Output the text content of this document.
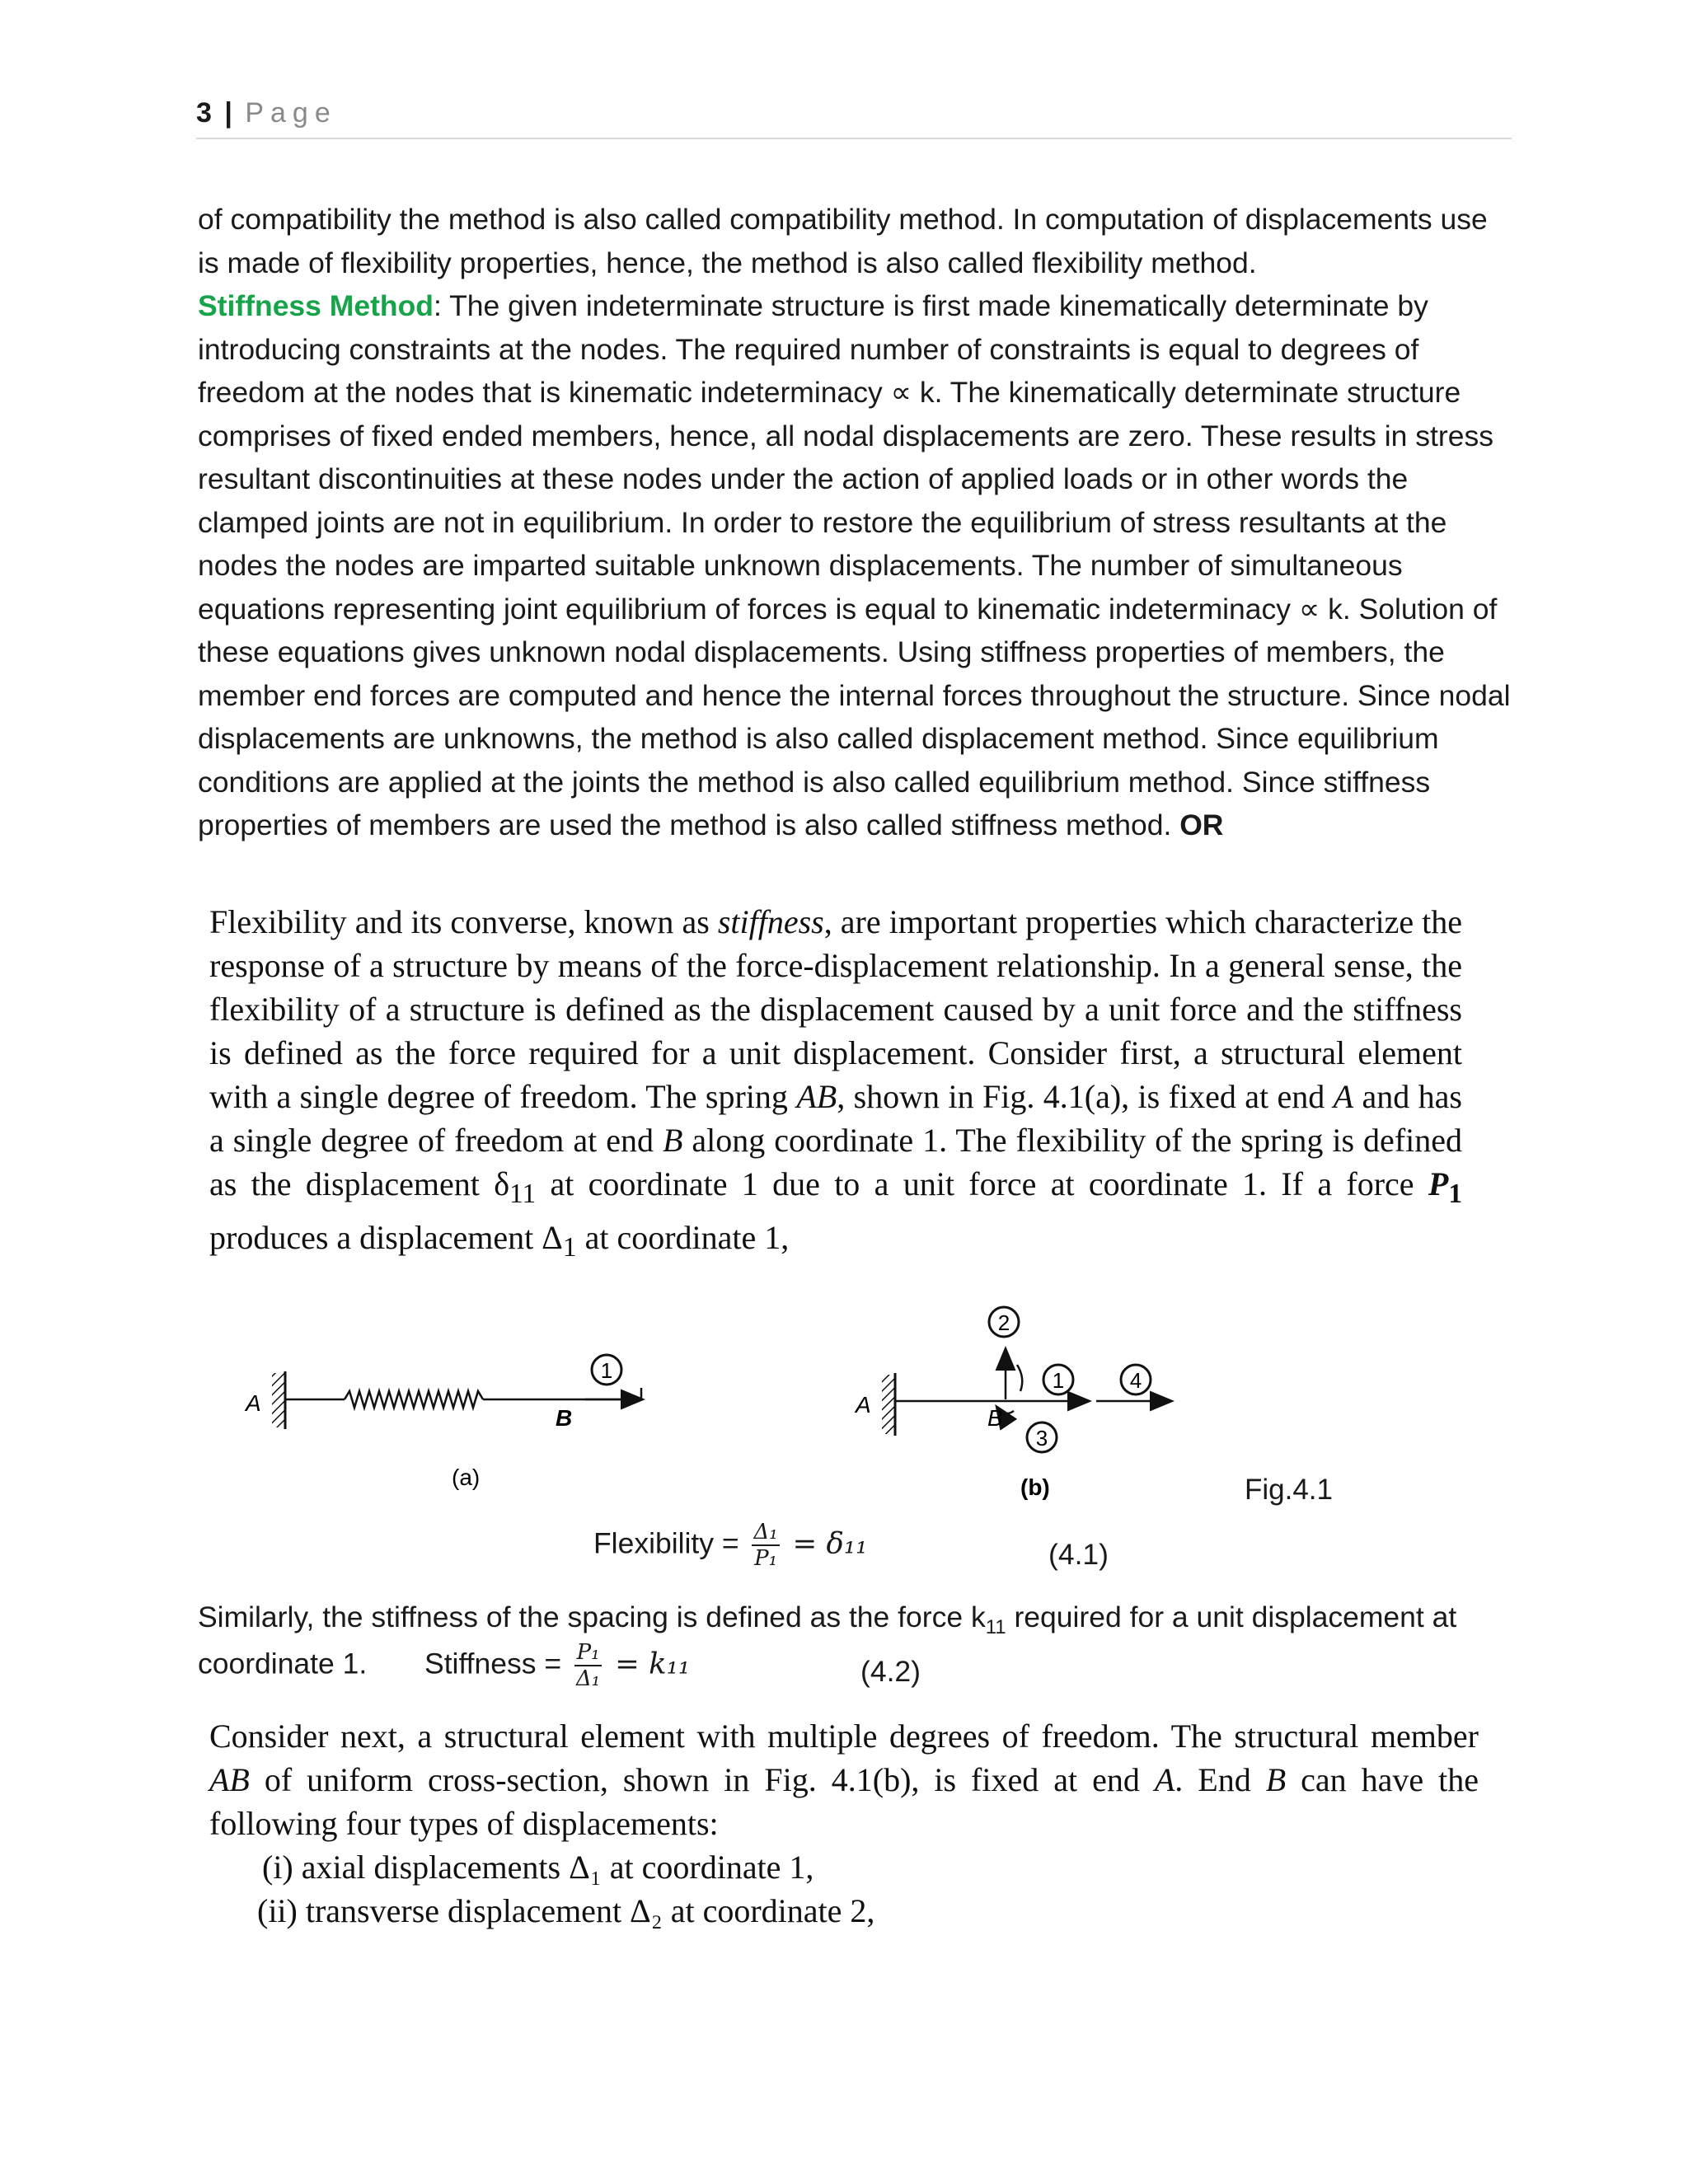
3 | Page

of compatibility the method is also called compatibility method. In computation of displacements use is made of flexibility properties, hence, the method is also called flexibility method.
Stiffness Method: The given indeterminate structure is first made kinematically determinate by introducing constraints at the nodes. The required number of constraints is equal to degrees of freedom at the nodes that is kinematic indeterminacy ∝ k. The kinematically determinate structure comprises of fixed ended members, hence, all nodal displacements are zero. These results in stress resultant discontinuities at these nodes under the action of applied loads or in other words the clamped joints are not in equilibrium. In order to restore the equilibrium of stress resultants at the nodes the nodes are imparted suitable unknown displacements. The number of simultaneous equations representing joint equilibrium of forces is equal to kinematic indeterminacy ∝ k. Solution of these equations gives unknown nodal displacements. Using stiffness properties of members, the member end forces are computed and hence the internal forces throughout the structure. Since nodal displacements are unknowns, the method is also called displacement method. Since equilibrium conditions are applied at the joints the method is also called equilibrium method. Since stiffness properties of members are used the method is also called stiffness method. OR

Flexibility and its converse, known as stiffness, are important properties which characterize the response of a structure by means of the force-displacement relationship. In a general sense, the flexibility of a structure is defined as the displacement caused by a unit force and the stiffness is defined as the force required for a unit displacement. Consider first, a structural element with a single degree of freedom. The spring AB, shown in Fig. 4.1(a), is fixed at end A and has a single degree of freedom at end B along coordinate 1. The flexibility of the spring is defined as the displacement $\delta_{11}$ at coordinate 1 due to a unit force at coordinate 1. If a force $P_1$ produces a displacement $\Delta_1$ at coordinate 1,

A
B
1
(a)
A
B
2
1
3
4
(b)	Fig.4.1
Flexibility = $\frac{\text{Δ₁}}{\text{P₁}} = \delta_{11}$	(4.1)
Similarly, the stiffness of the spacing is defined as the force $k_{11}$ required for a unit displacement at
coordinate 1. Stiffness = $\frac{\text{P₁}}{\text{Δ₁}} = k_{11}$	(4.2)

Consider next, a structural element with multiple degrees of freedom. The structural member AB of uniform cross-section, shown in Fig. 4.1(b), is fixed at end A. End B can have the following four types of displacements:
(i) axial displacements Δ₁ at coordinate 1,
(ii) transverse displacement Δ₂ at coordinate 2,
